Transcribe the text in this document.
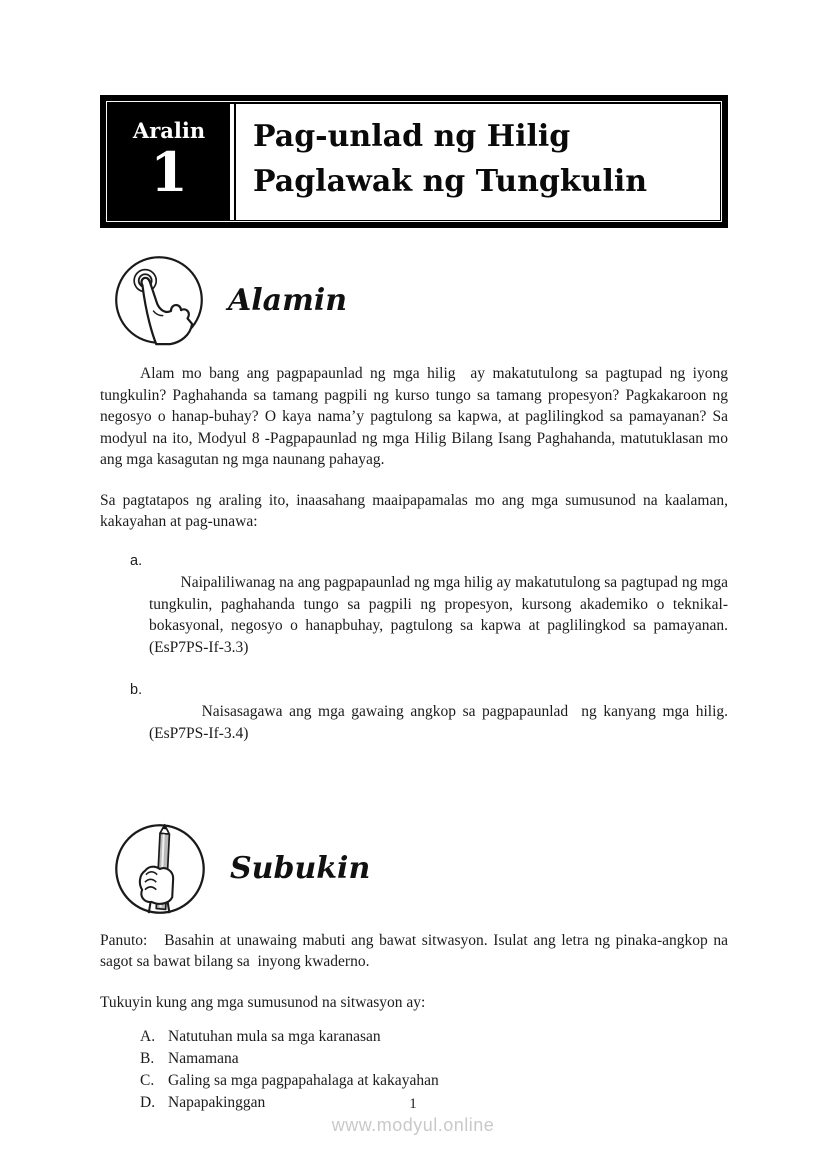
Aralin
1
Pag-unlad ng Hilig
Paglawak ng Tungkulin
Alamin
Alam mo bang ang pagpapaunlad ng mga hilig  ay makatutulong sa pagtupad ng iyong tungkulin? Paghahanda sa tamang pagpili ng kurso tungo sa tamang propesyon? Pagkakaroon ng negosyo o hanap-buhay? O kaya nama’y pagtulong sa kapwa, at paglilingkod sa pamayanan? Sa modyul na ito, Modyul 8 -Pagpapaunlad ng mga Hilig Bilang Isang Paghahanda, matutuklasan mo ang mga kasagutan ng mga naunang pahayag.
Sa pagtatapos ng araling ito, inaasahang maaipapamalas mo ang mga sumusunod na kaalaman, kakayahan at pag-unawa:

a.
Naipaliliwanag na ang pagpapaunlad ng mga hilig ay makatutulong sa pagtupad ng mga tungkulin, paghahanda tungo sa pagpili ng propesyon, kursong akademiko o teknikal-bokasyonal, negosyo o hanapbuhay, pagtulong sa kapwa at paglilingkod sa pamayanan.   (EsP7PS-If-3.3)

b.
Naisasagawa ang mga gawaing angkop sa pagpapaunlad  ng kanyang mga hilig.(EsP7PS-If-3.4)

Subukin
Panuto:   Basahin at unawaing mabuti ang bawat sitwasyon. Isulat ang letra ng pinaka-angkop na sagot sa bawat bilang sa  inyong kwaderno.
Tukuyin kung ang mga sumusunod na sitwasyon ay:
A. Natutuhan mula sa mga karanasan
B. Namamana
C. Galing sa mga pagpapahalaga at kakayahan
D. Napapakinggan	1
www.modyul.online
